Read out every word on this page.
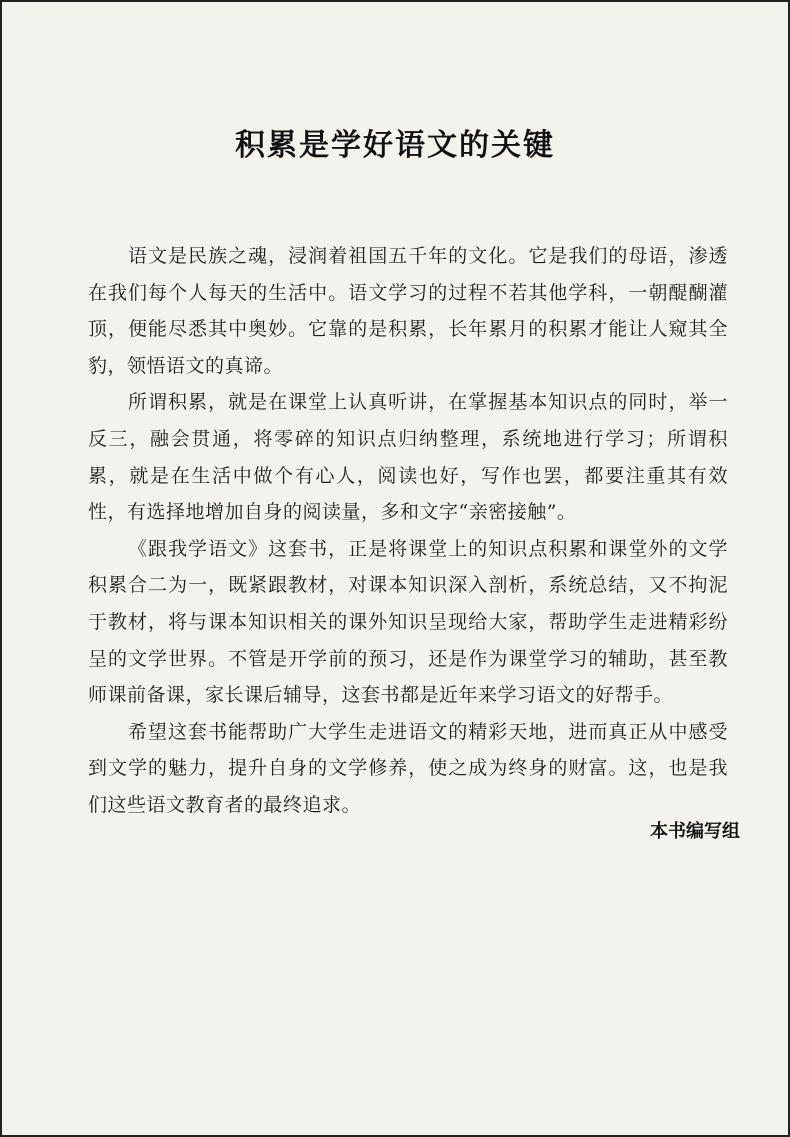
积累是学好语文的关键

语文是民族之魂，浸润着祖国五千年的文化。它是我们的母语，渗透在我们每个人每天的生活中。语文学习的过程不若其他学科，一朝醍醐灌顶，便能尽悉其中奥妙。它靠的是积累，长年累月的积累才能让人窥其全豹，领悟语文的真谛。

所谓积累，就是在课堂上认真听讲，在掌握基本知识点的同时，举一反三，融会贯通，将零碎的知识点归纳整理，系统地进行学习；所谓积累，就是在生活中做个有心人，阅读也好，写作也罢，都要注重其有效性，有选择地增加自身的阅读量，多和文字“亲密接触”。

《跟我学语文》这套书，正是将课堂上的知识点积累和课堂外的文学积累合二为一，既紧跟教材，对课本知识深入剖析，系统总结，又不拘泥于教材，将与课本知识相关的课外知识呈现给大家，帮助学生走进精彩纷呈的文学世界。不管是开学前的预习，还是作为课堂学习的辅助，甚至教师课前备课，家长课后辅导，这套书都是近年来学习语文的好帮手。

希望这套书能帮助广大学生走进语文的精彩天地，进而真正从中感受到文学的魅力，提升自身的文学修养，使之成为终身的财富。这，也是我们这些语文教育者的最终追求。

本书编写组
